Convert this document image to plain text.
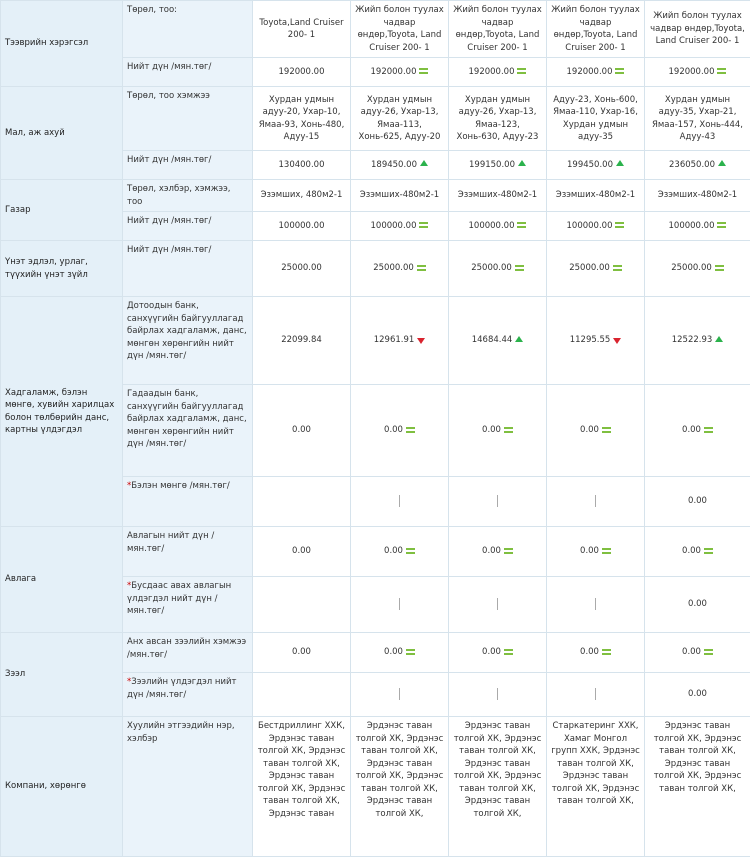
Тээврийн хэрэгсэл	Төрөл, тоо:	Toyota,Land Cruiser 200- 1	Жийп болон туулах чадвар өндөр,Toyota, Land Cruiser 200- 1	Жийп болон туулах чадвар өндөр,Toyota, Land Cruiser 200- 1	Жийп болон туулах чадвар өндөр,Toyota, Land Cruiser 200- 1	Жийп болон туулах чадвар өндөр,Toyota, Land Cruiser 200- 1
	Нийт дүн /мян.төг/	192000.00	192000.00	192000.00	192000.00	192000.00
Мал, аж ахуй	Төрөл, тоо хэмжээ	Хурдан удмын адуу-20, Ухар-10, Ямаа-93, Хонь-480, Адуу-15	Хурдан удмын адуу-26, Ухар-13, Ямаа-113, Хонь-625, Адуу-20	Хурдан удмын адуу-26, Ухар-13, Ямаа-123, Хонь-630, Адуу-23	Адуу-23, Хонь-600, Ямаа-110, Ухар-16, Хурдан удмын адуу-35	Хурдан удмын адуу-35, Ухар-21, Ямаа-157, Хонь-444, Адуу-43
	Нийт дүн /мян.төг/	130400.00	189450.00	199150.00	199450.00	236050.00
Газар	Төрөл, хэлбэр, хэмжээ, тоо	Эзэмших, 480м2-1	Эзэмших-480м2-1	Эзэмших-480м2-1	Эзэмших-480м2-1	Эзэмших-480м2-1
	Нийт дүн /мян.төг/	100000.00	100000.00	100000.00	100000.00	100000.00
Үнэт эдлэл, урлаг, түүхийн үнэт зүйл	Нийт дүн /мян.төг/	25000.00	25000.00	25000.00	25000.00	25000.00
Хадгаламж, бэлэн мөнгө, хувийн харилцах болон төлбөрийн данс, картны үлдэгдэл	Дотоодын банк, санхүүгийн байгууллагад байрлах хадгаламж, данс, мөнгөн хөрөнгийн нийт дүн /мян.төг/	22099.84	12961.91	14684.44	11295.55	12522.93
	Гадаадын банк, санхүүгийн байгууллагад байрлах хадгаламж, данс, мөнгөн хөрөнгийн нийт дүн /мян.төг/	0.00	0.00	0.00	0.00	0.00
	*Бэлэн мөнгө /мян.төг/					0.00
Авлага	Авлагын нийт дүн /мян.төг/	0.00	0.00	0.00	0.00	0.00
	*Бусдаас авах авлагын үлдэгдэл нийт дүн /мян.төг/					0.00
Зээл	Анх авсан зээлийн хэмжээ /мян.төг/	0.00	0.00	0.00	0.00	0.00
	*Зээлийн үлдэгдэл нийт дүн /мян.төг/					0.00
Компани, хөрөнгө	Хуулийн этгээдийн нэр, хэлбэр	Бестдриллинг ХХК, Эрдэнэс таван толгой ХК, Эрдэнэс таван толгой ХК, Эрдэнэс таван толгой ХК, Эрдэнэс таван толгой ХК, Эрдэнэс таван	Эрдэнэс таван толгой ХК, Эрдэнэс таван толгой ХК, Эрдэнэс таван толгой ХК, Эрдэнэс таван толгой ХК, Эрдэнэс таван толгой ХК,	Эрдэнэс таван толгой ХК, Эрдэнэс таван толгой ХК, Эрдэнэс таван толгой ХК, Эрдэнэс таван толгой ХК, Эрдэнэс таван толгой ХК,	Старкатеринг ХХК, Хамаг Монгол групп ХХК, Эрдэнэс таван толгой ХК, Эрдэнэс таван толгой ХК, Эрдэнэс таван толгой ХК,	Эрдэнэс таван толгой ХК, Эрдэнэс таван толгой ХК, Эрдэнэс таван толгой ХК, Эрдэнэс таван толгой ХК,
